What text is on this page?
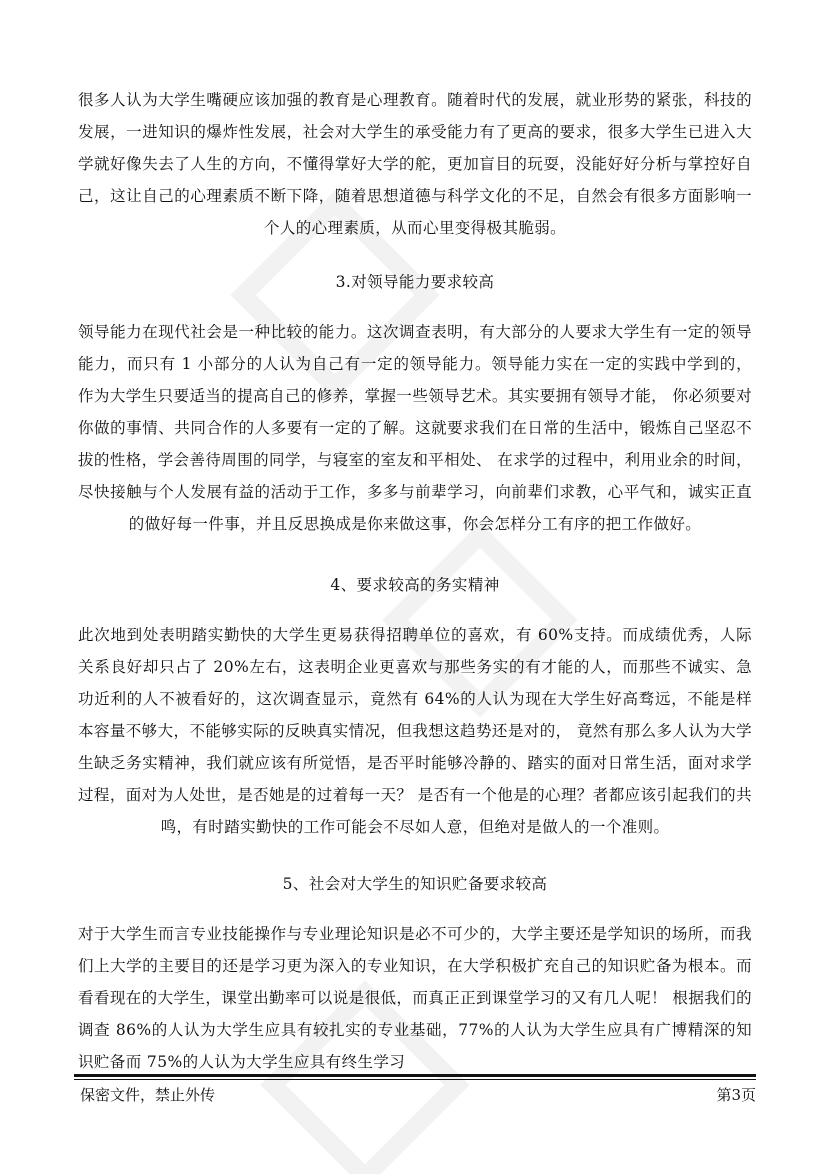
很多人认为大学生嘴硬应该加强的教育是心理教育。随着时代的发展，就业形势的紧张，科技的发展，一进知识的爆炸性发展，社会对大学生的承受能力有了更高的要求，很多大学生已进入大学就好像失去了人生的方向，不懂得掌好大学的舵，更加盲目的玩耍，没能好好分析与掌控好自己，这让自己的心理素质不断下降，随着思想道德与科学文化的不足，自然会有很多方面影响一个人的心理素质，从而心里变得极其脆弱。
3.对领导能力要求较高
领导能力在现代社会是一种比较的能力。这次调查表明，有大部分的人要求大学生有一定的领导能力，而只有 1 小部分的人认为自己有一定的领导能力。领导能力实在一定的实践中学到的， 作为大学生只要适当的提高自己的修养，掌握一些领导艺术。其实要拥有领导才能， 你必须要对你做的事情、共同合作的人多要有一定的了解。这就要求我们在日常的生活中，锻炼自己坚忍不拔的性格，学会善待周围的同学，与寝室的室友和平相处、 在求学的过程中，利用业余的时间，尽快接触与个人发展有益的活动于工作，多多与前辈学习，向前辈们求教，心平气和，诚实正直的做好每一件事，并且反思换成是你来做这事，你会怎样分工有序的把工作做好。
4、要求较高的务实精神
此次地到处表明踏实勤快的大学生更易获得招聘单位的喜欢，有 60%支持。而成绩优秀，人际关系良好却只占了 20%左右，这表明企业更喜欢与那些务实的有才能的人，而那些不诚实、急功近利的人不被看好的，这次调查显示，竟然有 64%的人认为现在大学生好高骛远，不能是样本容量不够大，不能够实际的反映真实情况，但我想这趋势还是对的， 竟然有那么多人认为大学生缺乏务实精神，我们就应该有所觉悟，是否平时能够冷静的、踏实的面对日常生活，面对求学过程，面对为人处世，是否她是的过着每一天？ 是否有一个他是的心理？者都应该引起我们的共鸣，有时踏实勤快的工作可能会不尽如人意，但绝对是做人的一个准则。
5、社会对大学生的知识贮备要求较高
对于大学生而言专业技能操作与专业理论知识是必不可少的，大学主要还是学知识的场所，而我们上大学的主要目的还是学习更为深入的专业知识，在大学积极扩充自己的知识贮备为根本。而看看现在的大学生，课堂出勤率可以说是很低，而真正正到课堂学习的又有几人呢！ 根据我们的调查 86%的人认为大学生应具有较扎实的专业基础，77%的人认为大学生应具有广博精深的知识贮备而 75%的人认为大学生应具有终生学习
保密文件，禁止外传	第3页
